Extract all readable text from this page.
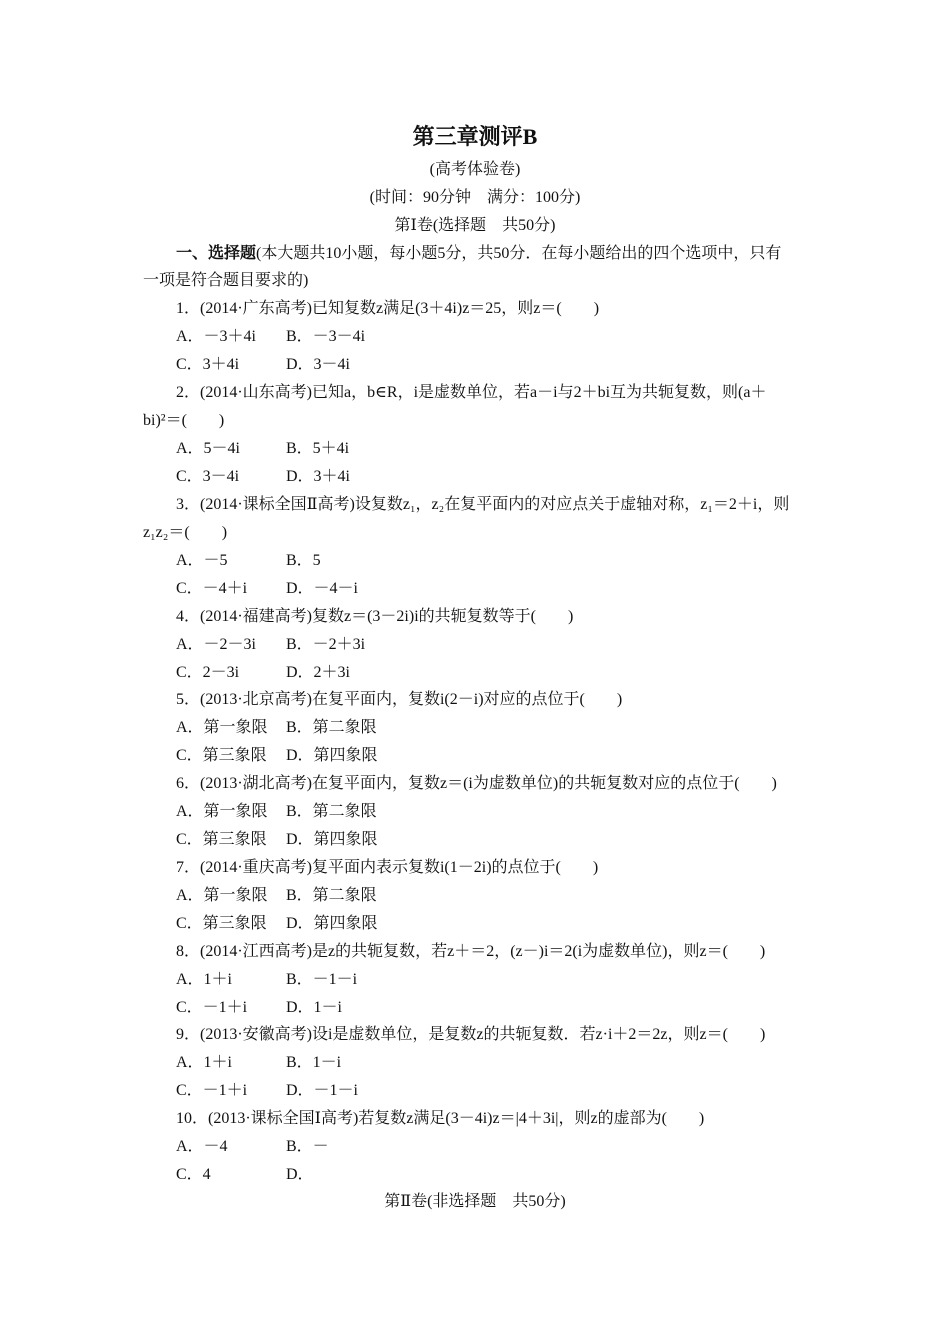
第三章测评B
(高考体验卷)
(时间：90分钟　满分：100分)
第Ⅰ卷(选择题　共50分)
一、选择题(本大题共10小题，每小题5分，共50分．在每小题给出的四个选项中，只有
一项是符合题目要求的)
1．(2014·广东高考)已知复数z满足(3＋4i)z＝25，则z＝(　　)
A．－3＋4i B．－3－4i
C．3＋4i	D．3－4i
2．(2014·山东高考)已知a，b∈R，i是虚数单位，若a－i与2＋bi互为共轭复数，则(a＋
bi)²＝(　　)
A．5－4i	B．5＋4i
C．3－4i	D．3＋4i
3．(2014·课标全国Ⅱ高考)设复数z₁，z₂在复平面内的对应点关于虚轴对称，z₁＝2＋i，则
z₁z₂＝(　　)
A．－5	B．5
C．－4＋i D．－4－i
4．(2014·福建高考)复数z＝(3－2i)i的共轭复数等于(　　)
A．－2－3i B．－2＋3i
C．2－3i	D．2＋3i
5．(2013·北京高考)在复平面内，复数i(2－i)对应的点位于(　　)
A．第一象限 B．第二象限
C．第三象限 D．第四象限
6．(2013·湖北高考)在复平面内，复数z＝(i为虚数单位)的共轭复数对应的点位于(　　)
A．第一象限 B．第二象限
C．第三象限 D．第四象限
7．(2014·重庆高考)复平面内表示复数i(1－2i)的点位于(　　)
A．第一象限 B．第二象限
C．第三象限 D．第四象限
8．(2014·江西高考)是z的共轭复数，若z＋＝2，(z－)i＝2(i为虚数单位)，则z＝(　　)
A．1＋i	B．－1－i
C．－1＋i D．1－i
9．(2013·安徽高考)设i是虚数单位，是复数z的共轭复数．若z·i＋2＝2z，则z＝(　　)
A．1＋i	B．1－i
C．－1＋i D．－1－i
10．(2013·课标全国Ⅰ高考)若复数z满足(3－4i)z＝|4＋3i|，则z的虚部为(　　)
A．－4	B．－
C．4	D．
第Ⅱ卷(非选择题　共50分)
